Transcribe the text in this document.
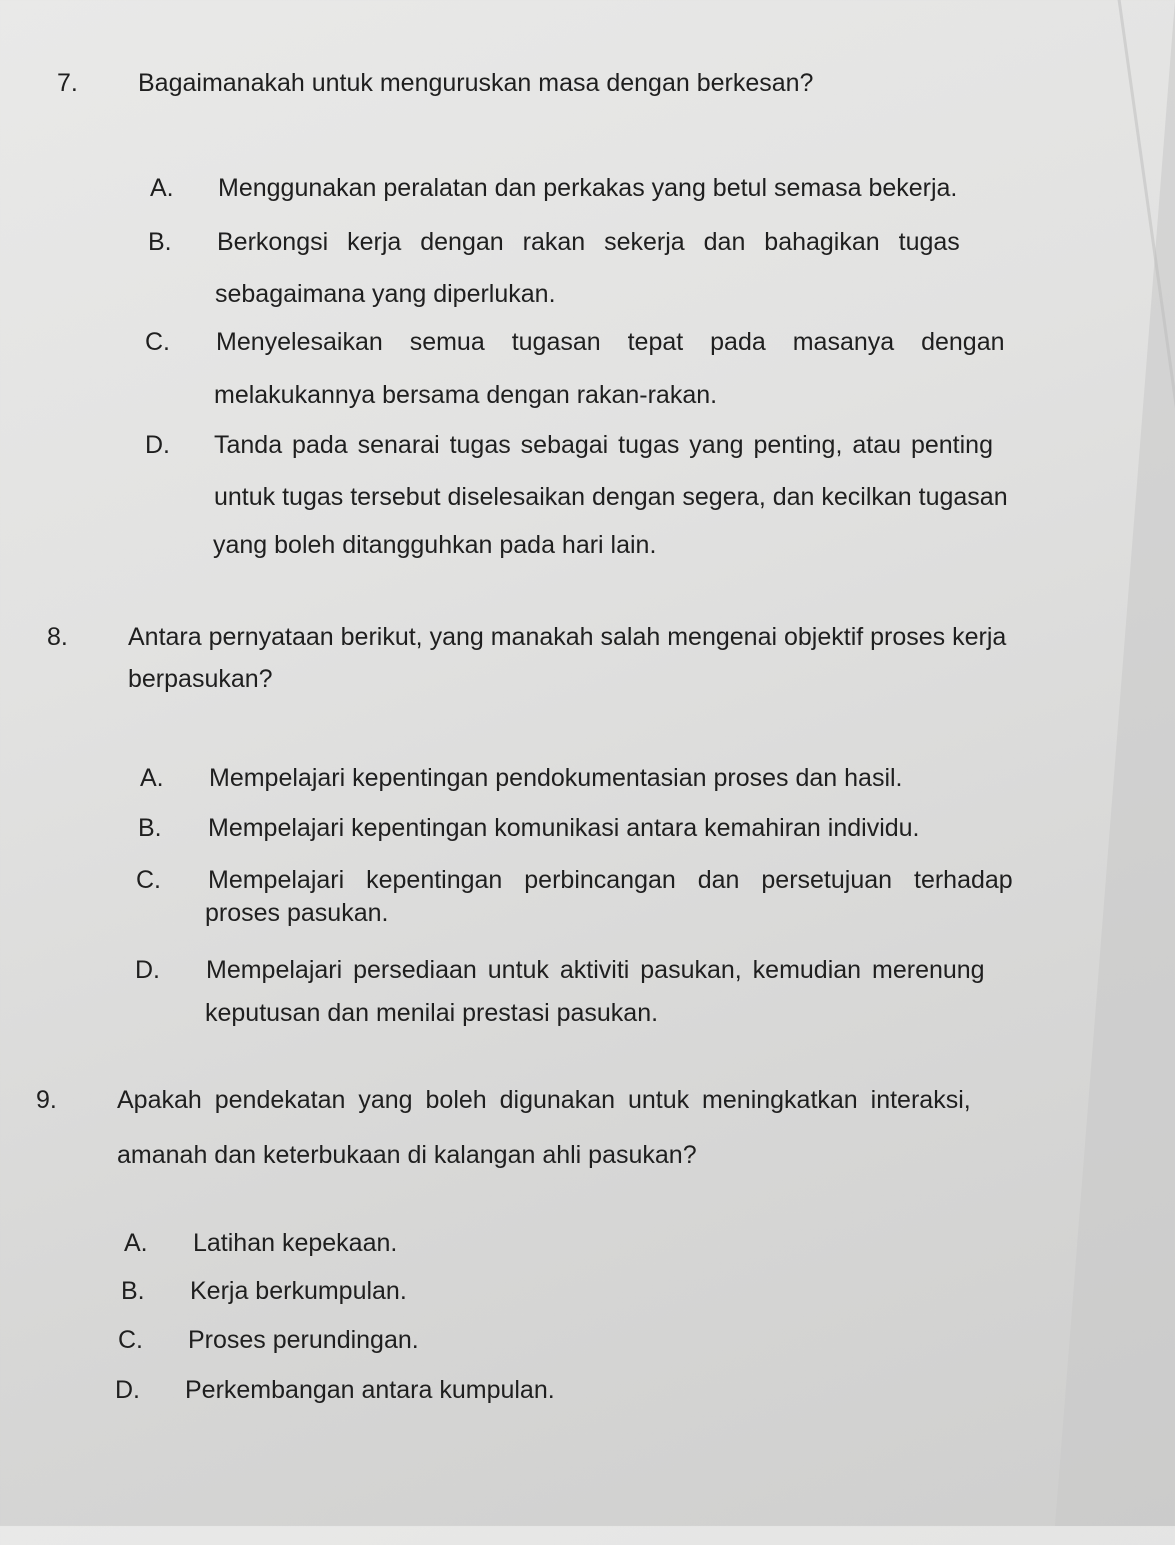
7. Bagaimanakah untuk menguruskan masa dengan berkesan?
A. Menggunakan peralatan dan perkakas yang betul semasa bekerja.
B. Berkongsi kerja dengan rakan sekerja dan bahagikan tugas
sebagaimana yang diperlukan.
C. Menyelesaikan semua tugasan tepat pada masanya dengan
melakukannya bersama dengan rakan-rakan.
D. Tanda pada senarai tugas sebagai tugas yang penting, atau penting
untuk tugas tersebut diselesaikan dengan segera, dan kecilkan tugasan
yang boleh ditangguhkan pada hari lain.
8. Antara pernyataan berikut, yang manakah salah mengenai objektif proses kerja
berpasukan?
A. Mempelajari kepentingan pendokumentasian proses dan hasil.
B. Mempelajari kepentingan komunikasi antara kemahiran individu.
C. Mempelajari kepentingan perbincangan dan persetujuan terhadap
proses pasukan.
D. Mempelajari persediaan untuk aktiviti pasukan, kemudian merenung
keputusan dan menilai prestasi pasukan.
9. Apakah pendekatan yang boleh digunakan untuk meningkatkan interaksi,
amanah dan keterbukaan di kalangan ahli pasukan?
A. Latihan kepekaan.
B. Kerja berkumpulan.
C. Proses perundingan.
D. Perkembangan antara kumpulan.
